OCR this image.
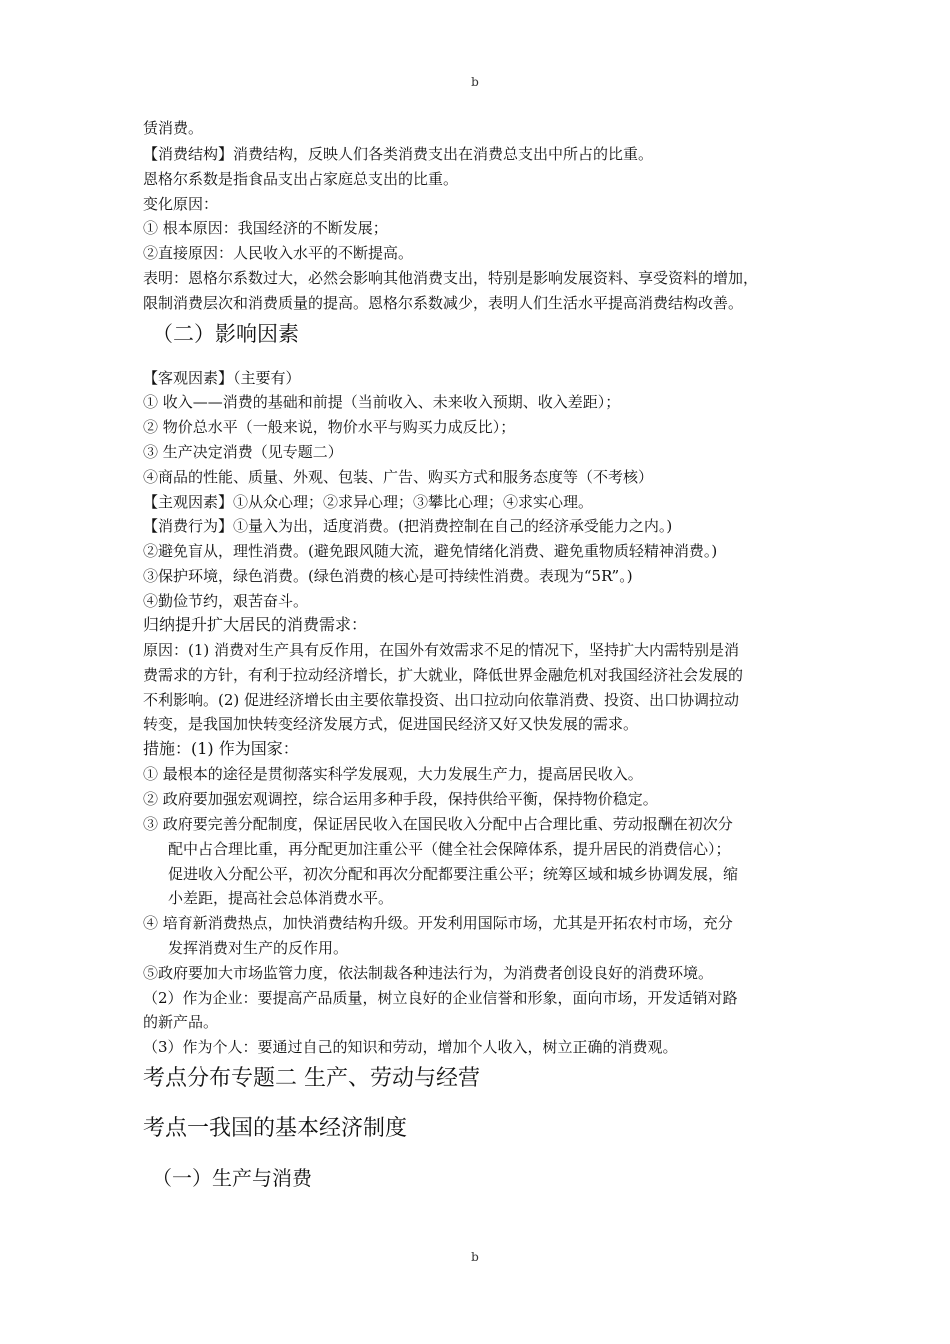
b
赁消费。
【消费结构】消费结构，反映人们各类消费支出在消费总支出中所占的比重。
恩格尔系数是指食品支出占家庭总支出的比重。
变化原因：
① 根本原因：我国经济的不断发展；
②直接原因：人民收入水平的不断提高。
表明：恩格尔系数过大，必然会影响其他消费支出，特别是影响发展资料、享受资料的增加，
限制消费层次和消费质量的提高。恩格尔系数减少，表明人们生活水平提高消费结构改善。
（二）影响因素
【客观因素】（主要有）
① 收入——消费的基础和前提（当前收入、未来收入预期、收入差距）；
② 物价总水平（一般来说，物价水平与购买力成反比）；
③ 生产决定消费（见专题二）
④商品的性能、质量、外观、包装、广告、购买方式和服务态度等（不考核）
【主观因素】①从众心理；②求异心理；③攀比心理；④求实心理。
【消费行为】①量入为出，适度消费。(把消费控制在自己的经济承受能力之内。)
②避免盲从，理性消费。(避免跟风随大流，避免情绪化消费、避免重物质轻精神消费。)
③保护环境，绿色消费。(绿色消费的核心是可持续性消费。表现为“5R”。)
④勤俭节约，艰苦奋斗。
归纳提升扩大居民的消费需求：
原因：(1) 消费对生产具有反作用，在国外有效需求不足的情况下，坚持扩大内需特别是消
费需求的方针，有利于拉动经济增长，扩大就业，降低世界金融危机对我国经济社会发展的
不利影响。(2) 促进经济增长由主要依靠投资、出口拉动向依靠消费、投资、出口协调拉动
转变，是我国加快转变经济发展方式，促进国民经济又好又快发展的需求。
措施：(1) 作为国家：
① 最根本的途径是贯彻落实科学发展观，大力发展生产力，提高居民收入。
② 政府要加强宏观调控，综合运用多种手段，保持供给平衡，保持物价稳定。
③ 政府要完善分配制度，保证居民收入在国民收入分配中占合理比重、劳动报酬在初次分
配中占合理比重，再分配更加注重公平（健全社会保障体系，提升居民的消费信心）；
促进收入分配公平，初次分配和再次分配都要注重公平；统筹区域和城乡协调发展，缩
小差距，提高社会总体消费水平。
④ 培育新消费热点，加快消费结构升级。开发利用国际市场，尤其是开拓农村市场，充分
发挥消费对生产的反作用。
⑤政府要加大市场监管力度，依法制裁各种违法行为，为消费者创设良好的消费环境。
（2）作为企业：要提高产品质量，树立良好的企业信誉和形象，面向市场，开发适销对路
的新产品。
（3）作为个人：要通过自己的知识和劳动，增加个人收入，树立正确的消费观。
考点分布专题二 生产、劳动与经营
考点一我国的基本经济制度
（一）生产与消费
b
